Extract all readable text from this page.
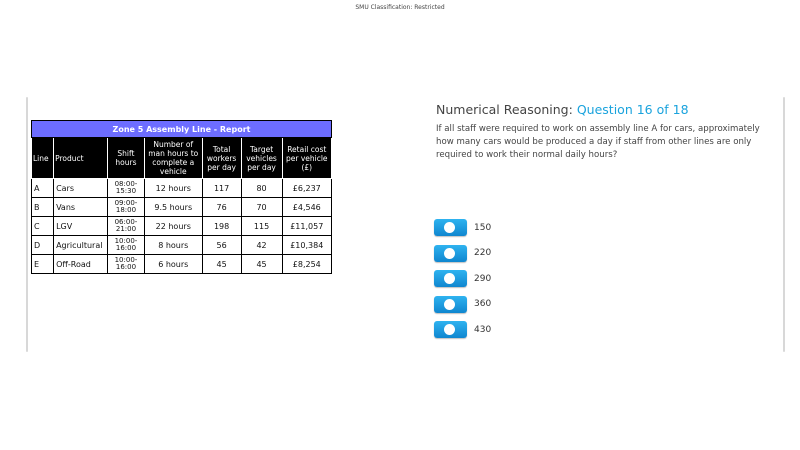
SMU Classification: Restricted
Zone 5 Assembly Line - Report						
Line	Product	Shift hours	Number of man hours to complete a vehicle	Total workers per day	Target vehicles per day	Retail cost per vehicle (£)
A	Cars	08:00-15:30	12 hours	117	80	£6,237
B	Vans	09:00-18:00	9.5 hours	76	70	£4,546
C	LGV	06:00-21:00	22 hours	198	115	£11,057
D	Agricultural	10:00-16:00	8 hours	56	42	£10,384
E	Off-Road	10:00-16:00	6 hours	45	45	£8,254
Numerical Reasoning: Question 16 of 18
If all staff were required to work on assembly line A for cars, approximately how many cars would be produced a day if staff from other lines are only required to work their normal daily hours?
150
220
290
360
430
